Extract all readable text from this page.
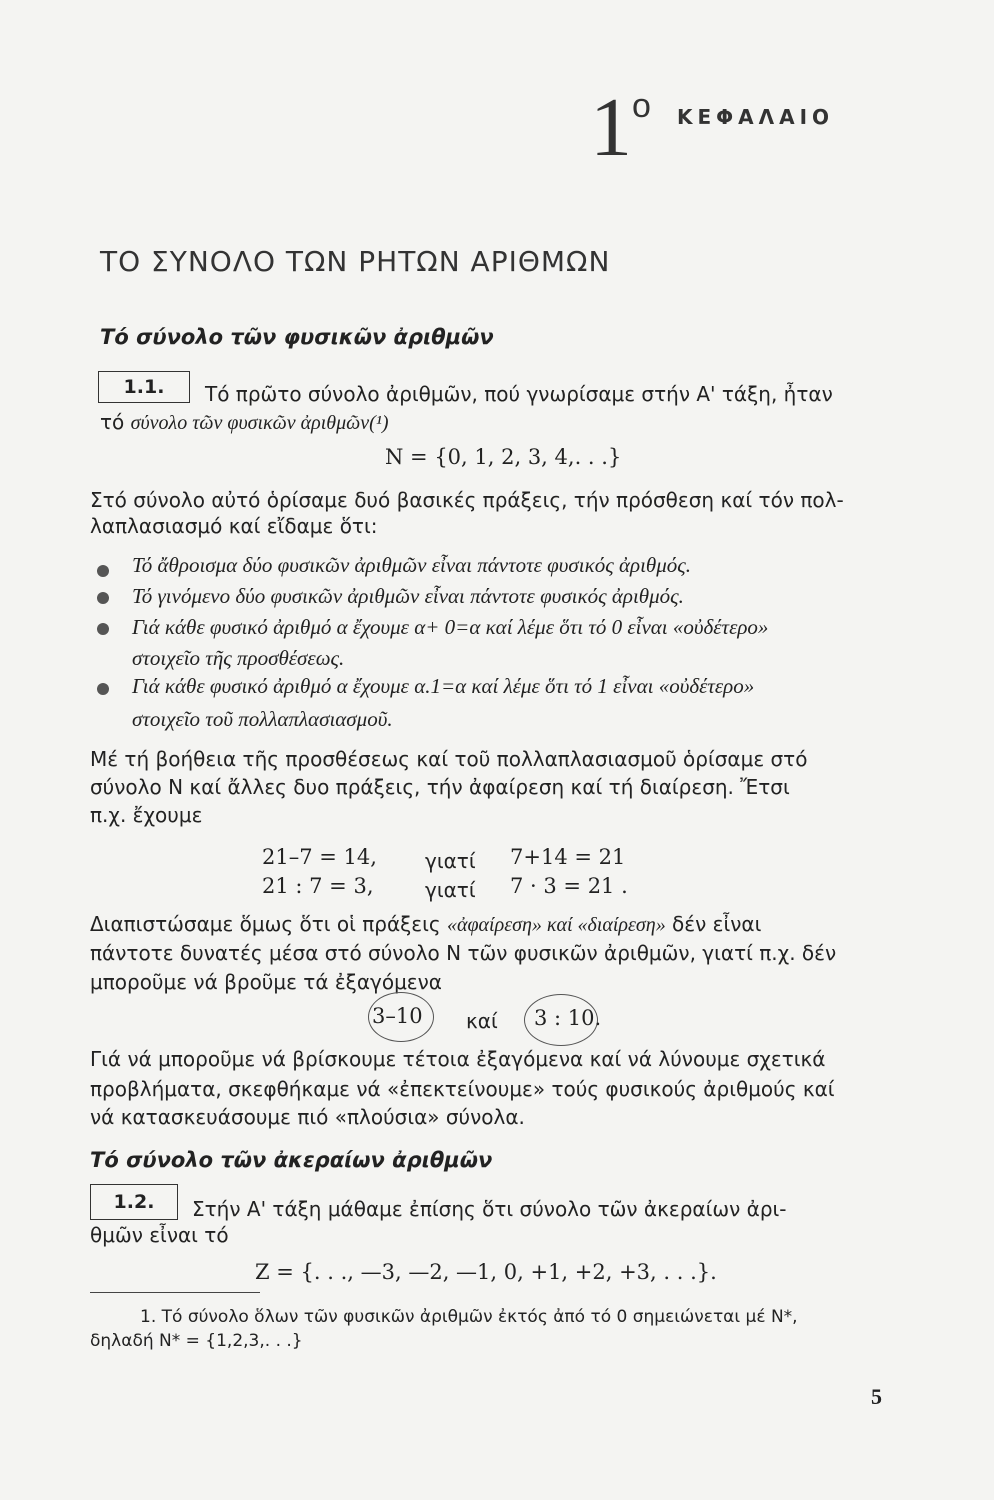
$1^o$ ΚΕΦΑΛΑΙΟ
ΤΟ ΣΥΝΟΛΟ ΤΩΝ ΡΗΤΩΝ ΑΡΙΘΜΩΝ
Τό σύνολο τῶν φυσικῶν ἀριθμῶν
1.1.	Τό πρῶτο σύνολο ἀριθμῶν, πού γνωρίσαμε στήν Α' τάξη, ἦταν
τό σύνολο τῶν φυσικῶν ἀριθμῶν(¹)
N = {0, 1, 2, 3, 4,. . .}
Στό σύνολο αὐτό ὁρίσαμε δυό βασικές πράξεις, τήν πρόσθεση καί τόν πολ-
λαπλασιασμό καί εἴδαμε ὅτι:
Τό ἄθροισμα δύο φυσικῶν ἀριθμῶν εἶναι πάντοτε φυσικός ἀριθμός.
Τό γινόμενο δύο φυσικῶν ἀριθμῶν εἶναι πάντοτε φυσικός ἀριθμός.
Γιά κάθε φυσικό ἀριθμό α ἔχουμε α+ 0=α καί λέμε ὅτι τό 0 εἶναι «οὐδέτερο»
στοιχεῖο τῆς προσθέσεως.
Γιά κάθε φυσικό ἀριθμό α ἔχουμε α.1=α καί λέμε ὅτι τό 1 εἶναι «οὐδέτερο»
στοιχεῖο τοῦ πολλαπλασιασμοῦ.
Μέ τή βοήθεια τῆς προσθέσεως καί τοῦ πολλαπλασιασμοῦ ὁρίσαμε στό
σύνολο N καί ἄλλες δυο πράξεις, τήν ἀφαίρεση καί τή διαίρεση. Ἔτσι
π.χ. ἔχουμε
21–7 = 14, γιατί 7+14 = 21
21 : 7 = 3,	γιατί 7 · 3 = 21 .
Διαπιστώσαμε ὅμως ὅτι οἱ πράξεις «ἀφαίρεση» καί «διαίρεση» δέν εἶναι
πάντοτε δυνατές μέσα στό σύνολο N τῶν φυσικῶν ἀριθμῶν, γιατί π.χ. δέν
μποροῦμε νά βροῦμε τά ἐξαγόμενα
3–10 καί 3 : 10.
Γιά νά μποροῦμε νά βρίσκουμε τέτοια ἐξαγόμενα καί νά λύνουμε σχετικά
προβλήματα, σκεφθήκαμε νά «ἐπεκτείνουμε» τούς φυσικούς ἀριθμούς καί
νά κατασκευάσουμε πιό «πλούσια» σύνολα.
Τό σύνολο τῶν ἀκεραίων ἀριθμῶν
1.2.	Στήν Α' τάξη μάθαμε ἐπίσης ὅτι σύνολο τῶν ἀκεραίων ἀρι-
θμῶν εἶναι τό
Z = {. . ., —3, —2, —1, 0, +1, +2, +3, . . .}.
1. Τό σύνολο ὅλων τῶν φυσικῶν ἀριθμῶν ἐκτός ἀπό τό 0 σημειώνεται μέ N*,
δηλαδή N* = {1,2,3,. . .}
5
